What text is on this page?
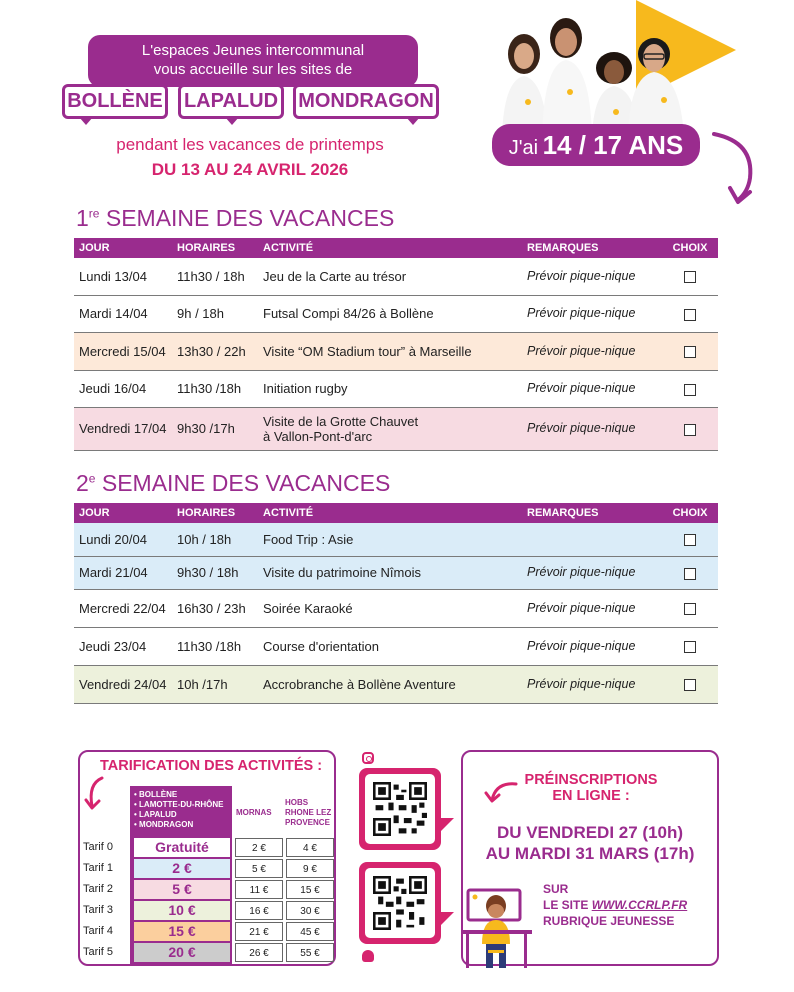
L'espaces Jeunes intercommunal
vous accueille sur les sites de
BOLLÈNE LAPALUD MONDRAGON
pendant les vacances de printemps
DU 13 AU 24 AVRIL 2026
J'ai 14 / 17 ANS
1re SEMAINE DES VACANCES
JOUR	HORAIRES	ACTIVITÉ	REMARQUES	CHOIX
Lundi 13/04	11h30 / 18h	Jeu de la Carte au trésor	Prévoir pique-nique	
Mardi 14/04	9h / 18h	Futsal Compi 84/26 à Bollène	Prévoir pique-nique	
Mercredi 15/04	13h30 / 22h	Visite “OM Stadium tour” à Marseille	Prévoir pique-nique	
Jeudi 16/04	11h30 /18h	Initiation rugby	Prévoir pique-nique	
Vendredi 17/04	9h30 /17h	Visite de la Grotte Chauvet
à Vallon-Pont-d'arc	Prévoir pique-nique	
2e SEMAINE DES VACANCES
JOUR	HORAIRES	ACTIVITÉ	REMARQUES	CHOIX
Lundi 20/04	10h / 18h	Food Trip : Asie		
Mardi 21/04	9h30 / 18h	Visite du patrimoine Nîmois	Prévoir pique-nique	
Mercredi 22/04	16h30 / 23h	Soirée Karaoké	Prévoir pique-nique	
Jeudi 23/04	11h30 /18h	Course d'orientation	Prévoir pique-nique	
Vendredi 24/04	10h /17h	Accrobranche à Bollène Aventure	Prévoir pique-nique	
TARIFICATION DES ACTIVITÉS :
• BOLLÈNE
• LAMOTTE-DU-RHÔNE
• LAPALUD
• MONDRAGON
MORNAS
HOBS RHONE LEZ PROVENCE
Tarif 0	Gratuité	2 €	4 €
Tarif 1	2 €	5 €	9 €
Tarif 2	5 €	11 €	15 €
Tarif 3	10 €	16 €	30 €
Tarif 4	15 €	21 €	45 €
Tarif 5	20 €	26 €	55 €
PRÉINSCRIPTIONS
EN LIGNE :
DU VENDREDI 27 (10h)
AU MARDI 31 MARS (17h)
SUR
LE SITE WWW.CCRLP.FR
RUBRIQUE JEUNESSE
